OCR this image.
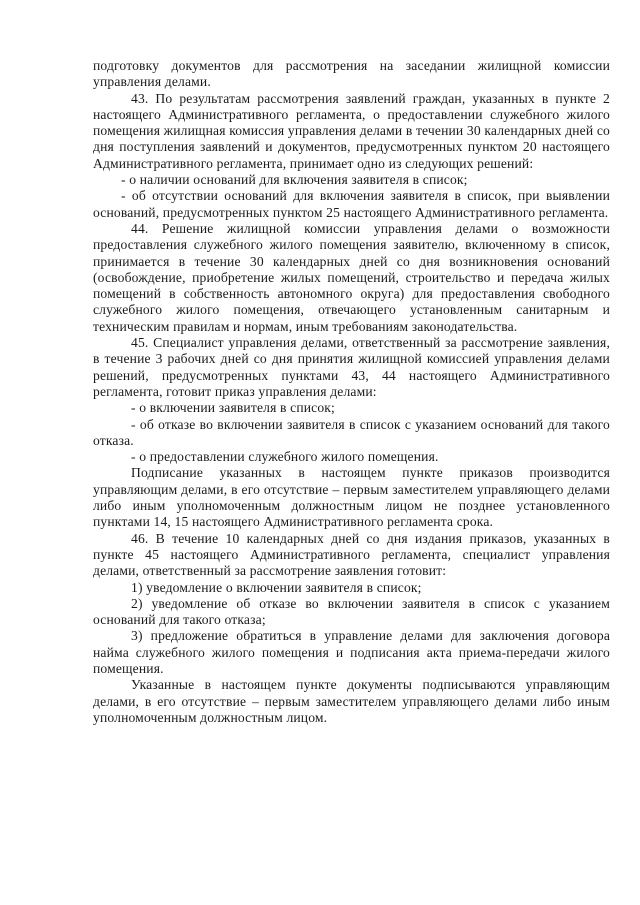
подготовку документов для рассмотрения на заседании жилищной комиссии управления делами.

43. По результатам рассмотрения заявлений граждан, указанных в пункте 2 настоящего Административного регламента, о предоставлении служебного жилого помещения жилищная комиссия управления делами в течении 30 календарных дней со дня поступления заявлений и документов, предусмотренных пунктом 20 настоящего Административного регламента, принимает одно из следующих решений:

- о наличии оснований для включения заявителя в список;

- об отсутствии оснований для включения заявителя в список, при выявлении оснований, предусмотренных пунктом 25 настоящего Административного регламента.

44. Решение жилищной комиссии управления делами о возможности предоставления служебного жилого помещения заявителю, включенному в список, принимается в течение 30 календарных дней со дня возникновения оснований (освобождение, приобретение жилых помещений, строительство и передача жилых помещений в собственность автономного округа) для предоставления свободного служебного жилого помещения, отвечающего установленным санитарным и техническим правилам и нормам, иным требованиям законодательства.

45. Специалист управления делами, ответственный за рассмотрение заявления, в течение 3 рабочих дней со дня принятия жилищной комиссией управления делами решений, предусмотренных пунктами 43, 44 настоящего Административного регламента, готовит приказ управления делами:

- о включении заявителя в список;

- об отказе во включении заявителя в список с указанием оснований для такого отказа.

- о предоставлении служебного жилого помещения.

Подписание указанных в настоящем пункте приказов производится управляющим делами, в его отсутствие – первым заместителем управляющего делами либо иным уполномоченным должностным лицом не позднее установленного пунктами 14, 15 настоящего Административного регламента срока.

46. В течение 10 календарных дней со дня издания приказов, указанных в пункте 45 настоящего Административного регламента, специалист управления делами, ответственный за рассмотрение заявления готовит:

1) уведомление о включении заявителя в список;

2) уведомление об отказе во включении заявителя в список с указанием оснований для такого отказа;

3) предложение обратиться в управление делами для заключения договора найма служебного жилого помещения и подписания акта приема-передачи жилого помещения.

Указанные в настоящем пункте документы подписываются управляющим делами, в его отсутствие – первым заместителем управляющего делами либо иным уполномоченным должностным лицом.
